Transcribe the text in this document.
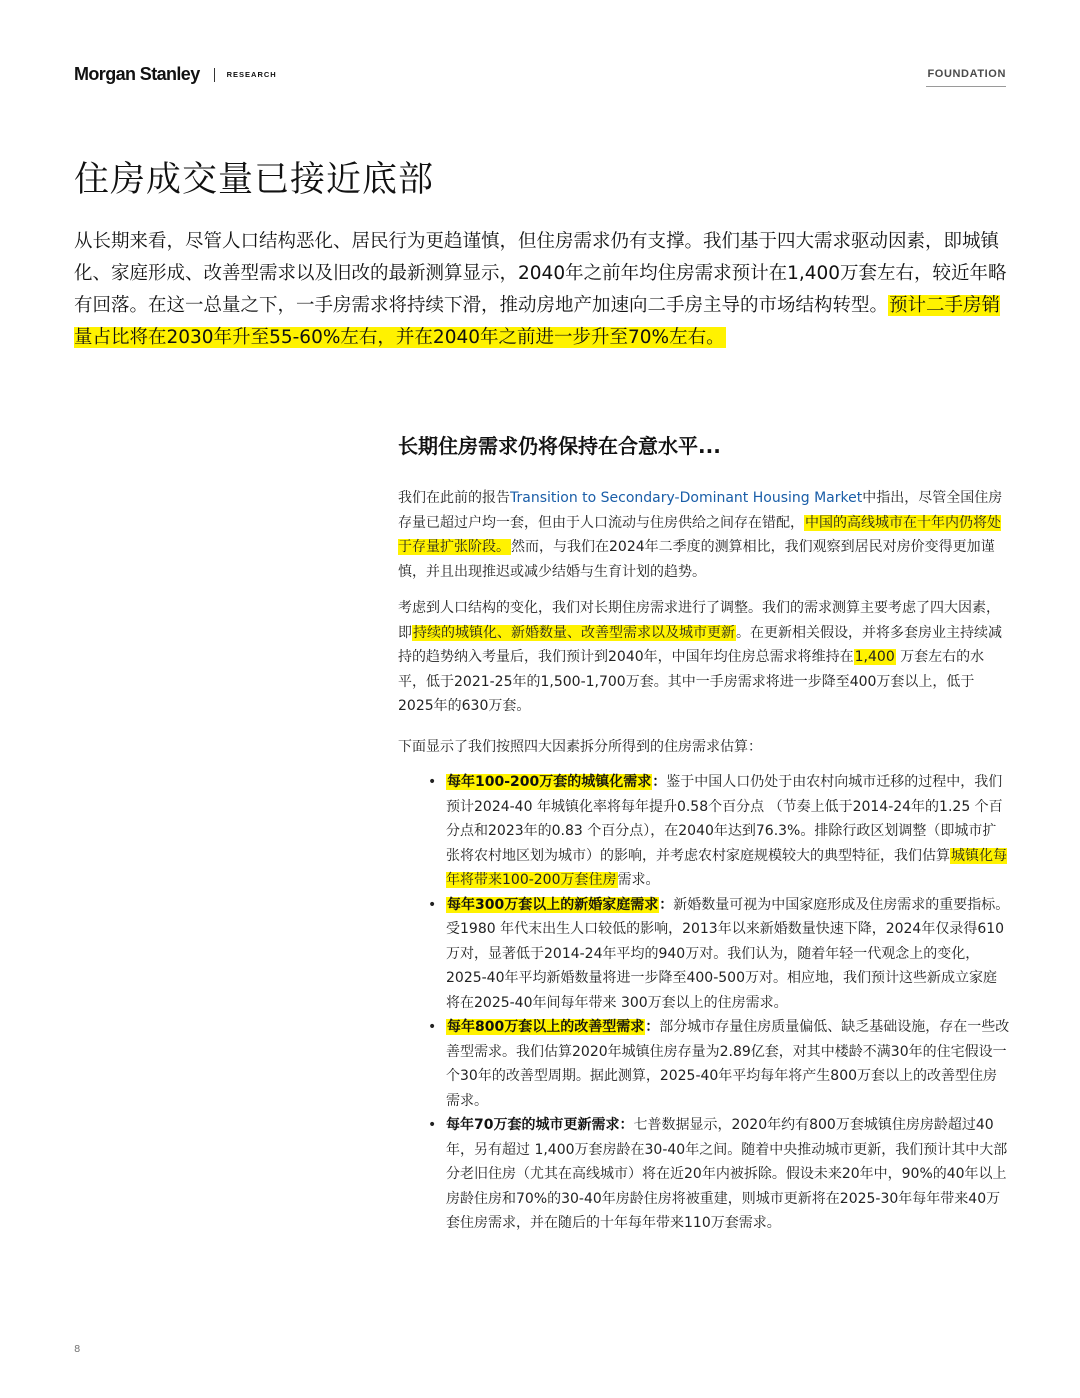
Morgan Stanley	RESEARCH	FOUNDATION
住房成交量已接近底部

从长期来看，尽管人口结构恶化、居民行为更趋谨慎，但住房需求仍有支撑。我们基于四大需求驱动因素，即城镇化、家庭形成、改善型需求以及旧改的最新测算显示，2040年之前年均住房需求预计在1,400万套左右，较近年略有回落。在这一总量之下，一手房需求将持续下滑，推动房地产加速向二手房主导的市场结构转型。预计二手房销量占比将在2030年升至55-60%左右，并在2040年之前进一步升至70%左右。

长期住房需求仍将保持在合意水平...

我们在此前的报告Transition to Secondary-Dominant Housing Market中指出，尽管全国住房存量已超过户均一套，但由于人口流动与住房供给之间存在错配，中国的高线城市在十年内仍将处于存量扩张阶段。然而，与我们在2024年二季度的测算相比，我们观察到居民对房价变得更加谨慎，并且出现推迟或减少结婚与生育计划的趋势。

考虑到人口结构的变化，我们对长期住房需求进行了调整。我们的需求测算主要考虑了四大因素，即持续的城镇化、新婚数量、改善型需求以及城市更新。在更新相关假设，并将多套房业主持续减持的趋势纳入考量后，我们预计到2040年，中国年均住房总需求将维持在1,400 万套左右的水平，低于2021-25年的1,500-1,700万套。其中一手房需求将进一步降至400万套以上，低于2025年的630万套。

下面显示了我们按照四大因素拆分所得到的住房需求估算：

• 每年100-200万套的城镇化需求：鉴于中国人口仍处于由农村向城市迁移的过程中，我们预计2024-40 年城镇化率将每年提升0.58个百分点 （节奏上低于2014-24年的1.25 个百分点和2023年的0.83 个百分点），在2040年达到76.3%。排除行政区划调整（即城市扩张将农村地区划为城市）的影响，并考虑农村家庭规模较大的典型特征，我们估算城镇化每年将带来100-200万套住房需求。
• 每年300万套以上的新婚家庭需求：新婚数量可视为中国家庭形成及住房需求的重要指标。受1980 年代末出生人口较低的影响，2013年以来新婚数量快速下降，2024年仅录得610万对，显著低于2014-24年平均的940万对。我们认为，随着年轻一代观念上的变化，2025-40年平均新婚数量将进一步降至400-500万对。相应地，我们预计这些新成立家庭将在2025-40年间每年带来 300万套以上的住房需求。
• 每年800万套以上的改善型需求：部分城市存量住房质量偏低、缺乏基础设施，存在一些改善型需求。我们估算2020年城镇住房存量为2.89亿套，对其中楼龄不满30年的住宅假设一个30年的改善型周期。据此测算，2025-40年平均每年将产生800万套以上的改善型住房需求。
• 每年70万套的城市更新需求：七普数据显示，2020年约有800万套城镇住房房龄超过40年，另有超过 1,400万套房龄在30-40年之间。随着中央推动城市更新，我们预计其中大部分老旧住房（尤其在高线城市）将在近20年内被拆除。假设未来20年中，90%的40年以上房龄住房和70%的30-40年房龄住房将被重建，则城市更新将在2025-30年每年带来40万套住房需求，并在随后的十年每年带来110万套需求。
8
